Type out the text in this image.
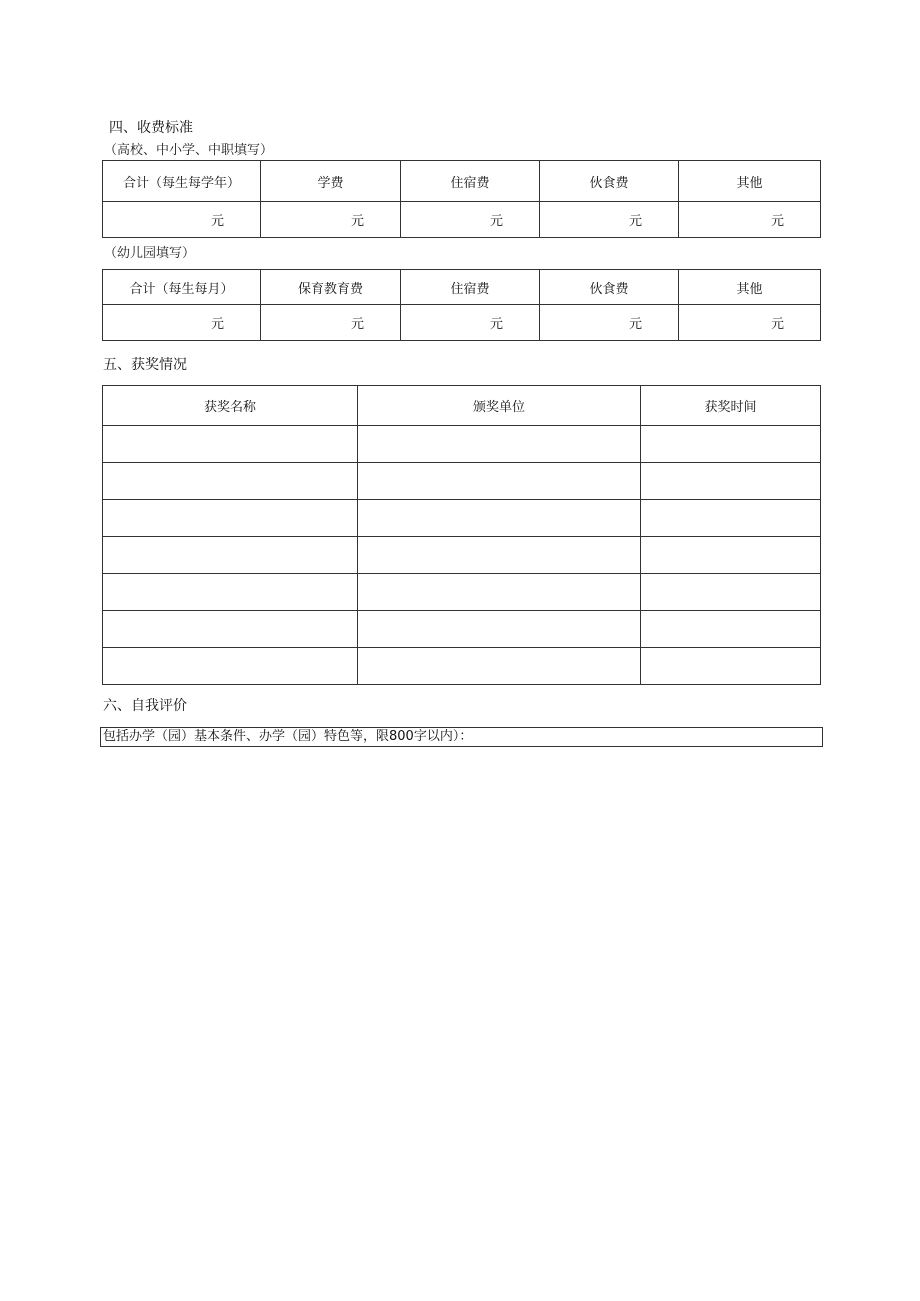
四、收费标准
（高校、中小学、中职填写）
合计（每生每学年）	学费	住宿费	伙食费	其他
元	元	元	元	元
（幼儿园填写）
合计（每生每月）	保育教育费	住宿费	伙食费	其他
元	元	元	元	元
五、获奖情况
获奖名称	颁奖单位	获奖时间

六、自我评价
包括办学（园）基本条件、办学（园）特色等，限800字以内）：
